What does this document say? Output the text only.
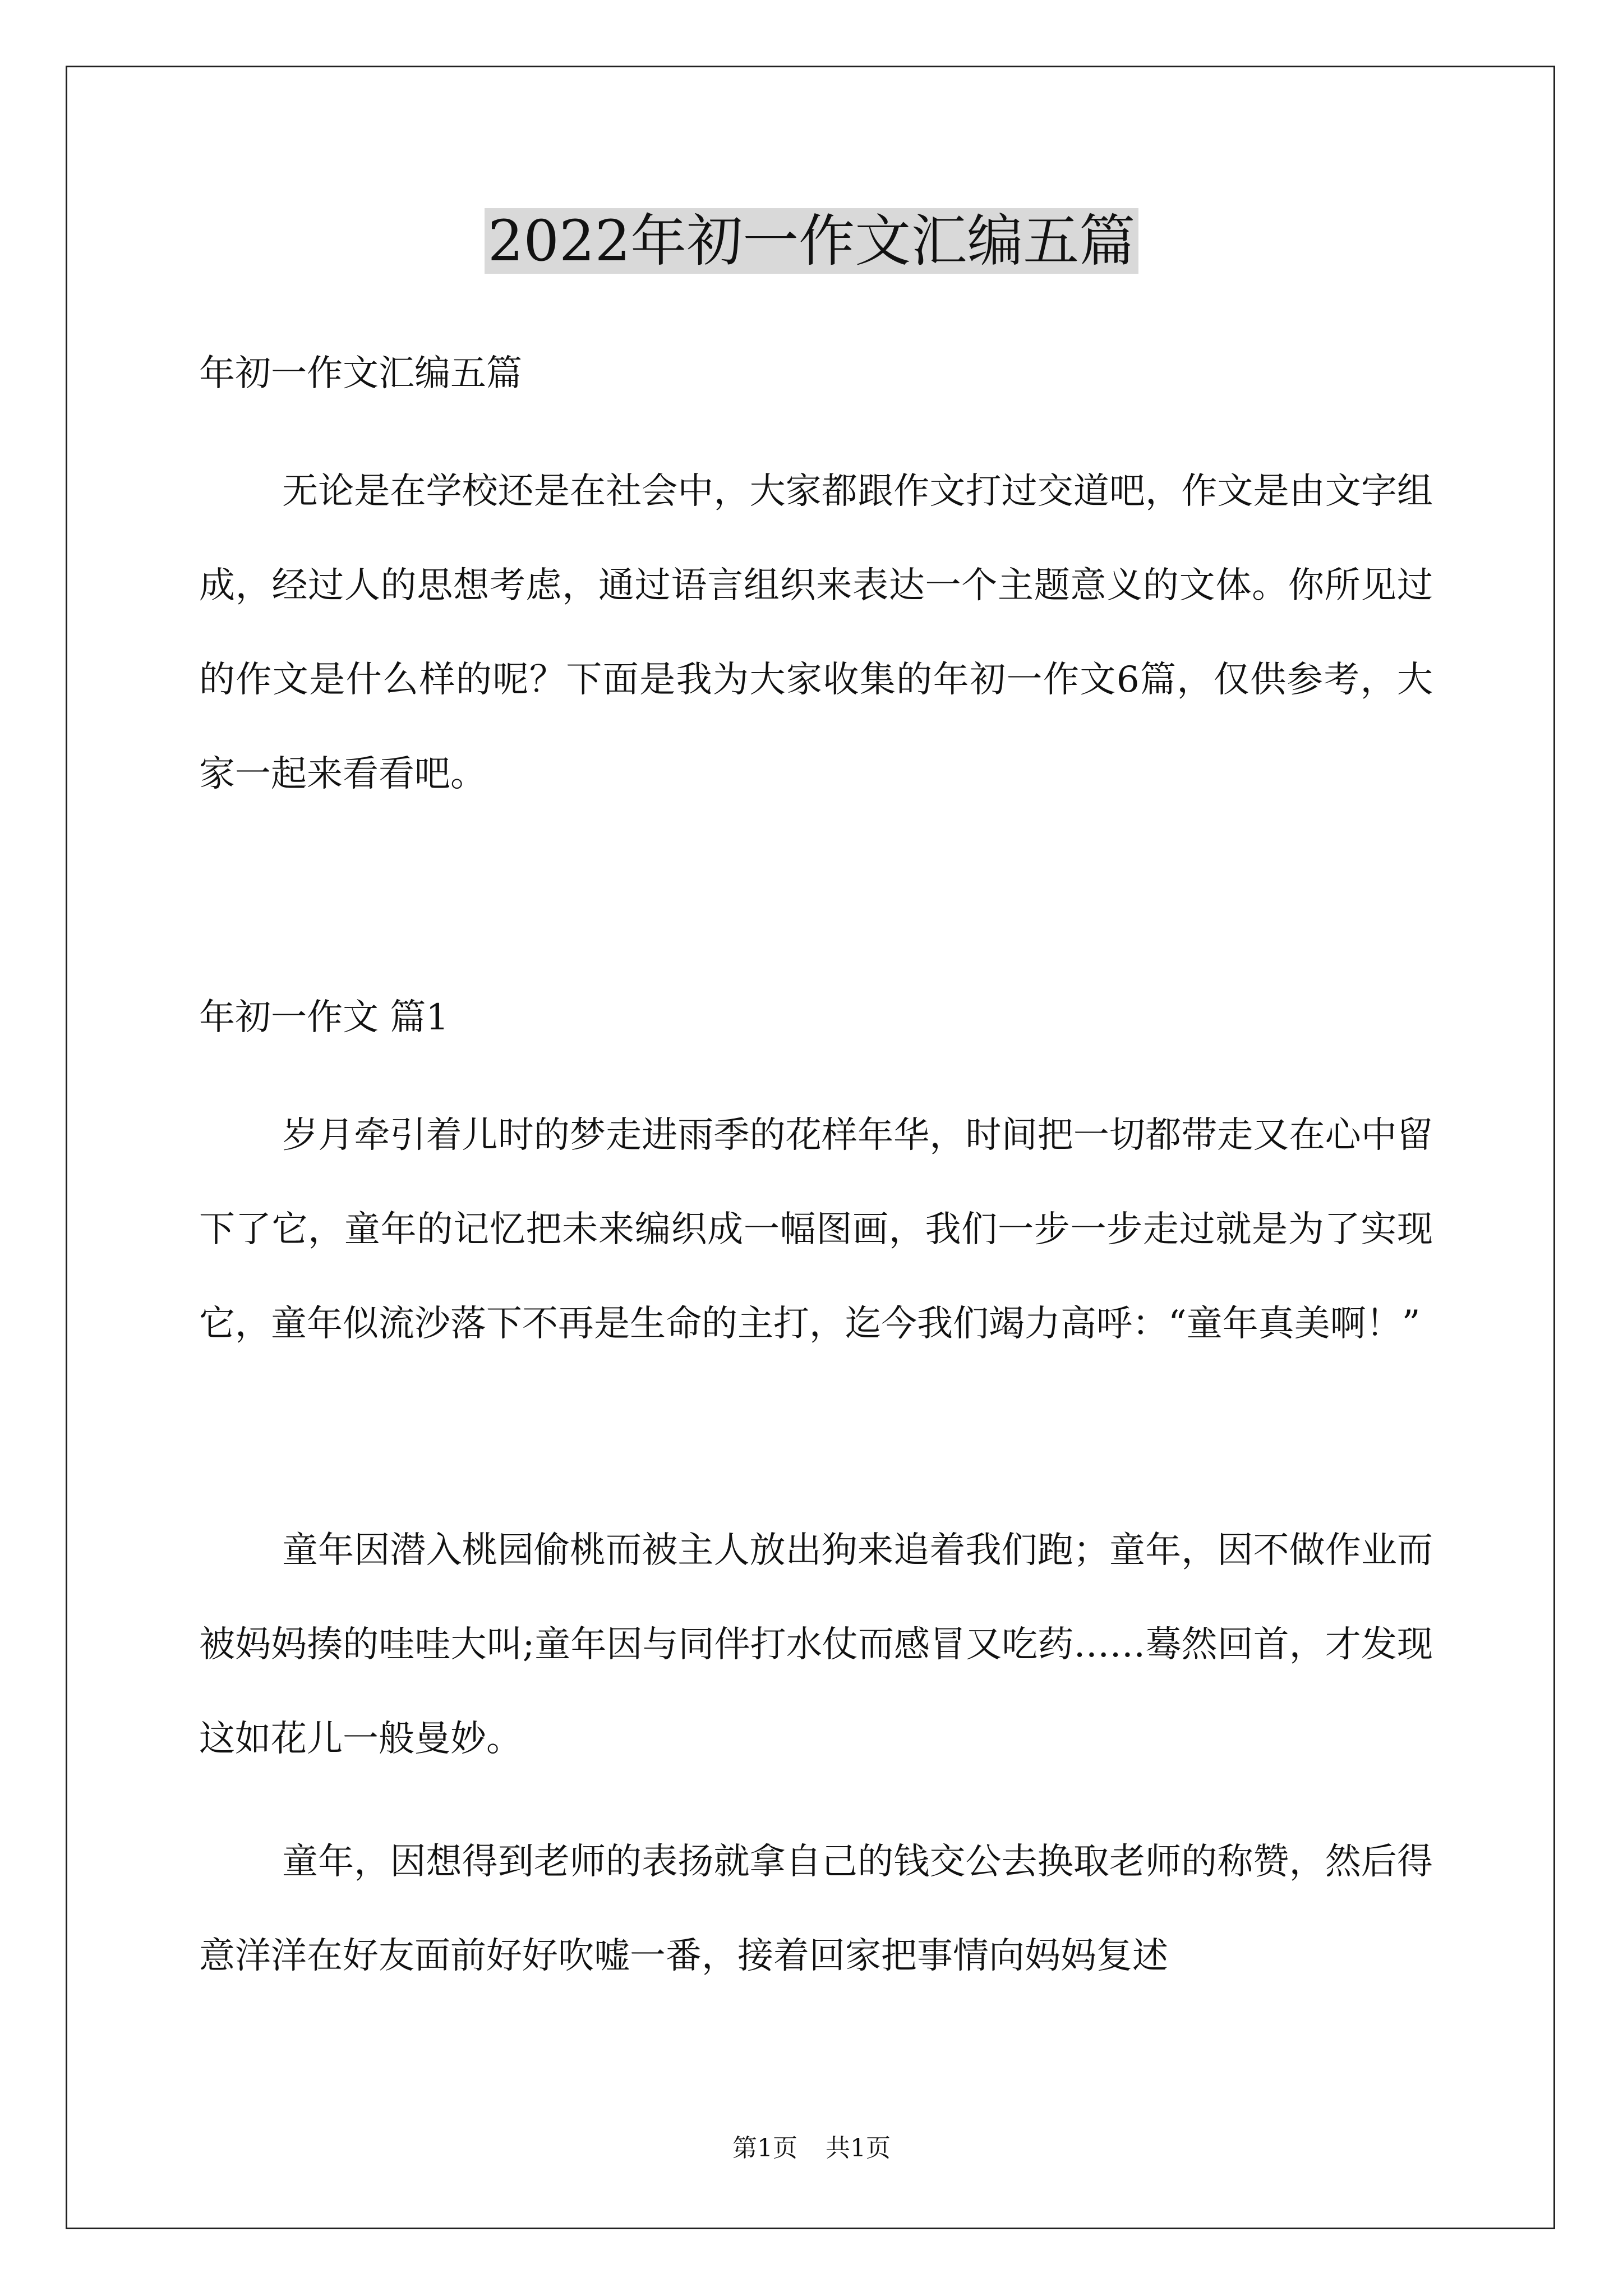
2022年初一作文汇编五篇

年初一作文汇编五篇

无论是在学校还是在社会中，大家都跟作文打过交道吧，作文是由文字组成，经过人的思想考虑，通过语言组织来表达一个主题意义的文体。你所见过的作文是什么样的呢？下面是我为大家收集的年初一作文6篇，仅供参考，大家一起来看看吧。

年初一作文 篇1

岁月牵引着儿时的梦走进雨季的花样年华，时间把一切都带走又在心中留下了它，童年的记忆把未来编织成一幅图画，我们一步一步走过就是为了实现它，童年似流沙落下不再是生命的主打，迄今我们竭力高呼：“童年真美啊！”

童年因潜入桃园偷桃而被主人放出狗来追着我们跑；童年，因不做作业而被妈妈揍的哇哇大叫;童年因与同伴打水仗而感冒又吃药……蓦然回首，才发现这如花儿一般曼妙。

童年，因想得到老师的表扬就拿自己的钱交公去换取老师的称赞，然后得意洋洋在好友面前好好吹嘘一番，接着回家把事情向妈妈复述

第1页 共1页
